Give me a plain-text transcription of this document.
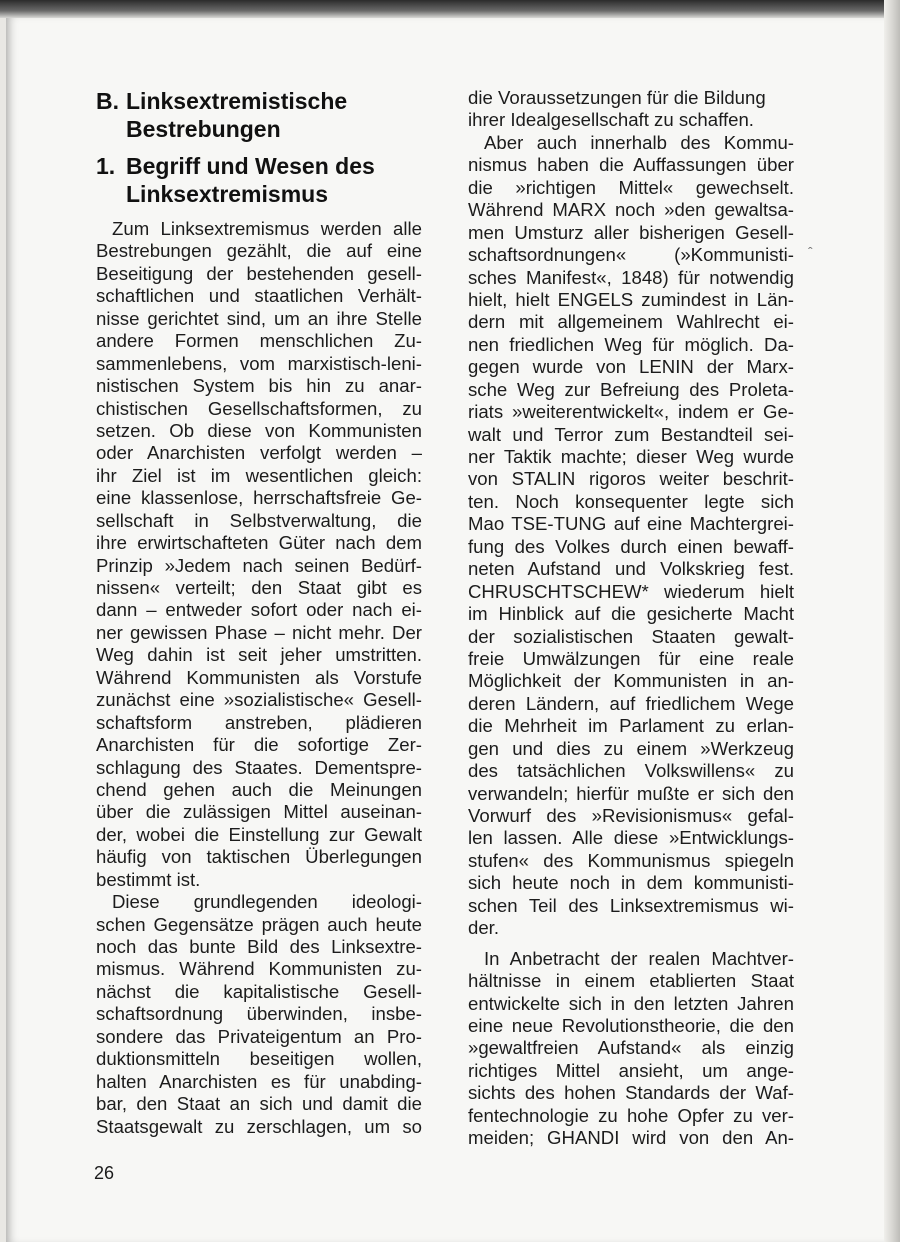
B. Linksextremistische
Bestrebungen
1. Begriff und Wesen des
Linksextremismus
Zum Linksextremismus werden alle
Bestrebungen gezählt, die auf eine
Beseitigung der bestehenden gesell-
schaftlichen und staatlichen Verhält-
nisse gerichtet sind, um an ihre Stelle
andere Formen menschlichen Zu-
sammenlebens, vom marxistisch-leni-
nistischen System bis hin zu anar-
chistischen Gesellschaftsformen, zu
setzen. Ob diese von Kommunisten
oder Anarchisten verfolgt werden –
ihr Ziel ist im wesentlichen gleich:
eine klassenlose, herrschaftsfreie Ge-
sellschaft in Selbstverwaltung, die
ihre erwirtschafteten Güter nach dem
Prinzip »Jedem nach seinen Bedürf-
nissen« verteilt; den Staat gibt es
dann – entweder sofort oder nach ei-
ner gewissen Phase – nicht mehr. Der
Weg dahin ist seit jeher umstritten.
Während Kommunisten als Vorstufe
zunächst eine »sozialistische« Gesell-
schaftsform anstreben, plädieren
Anarchisten für die sofortige Zer-
schlagung des Staates. Dementspre-
chend gehen auch die Meinungen
über die zulässigen Mittel auseinan-
der, wobei die Einstellung zur Gewalt
häufig von taktischen Überlegungen
bestimmt ist.
Diese grundlegenden ideologi-
schen Gegensätze prägen auch heute
noch das bunte Bild des Linksextre-
mismus. Während Kommunisten zu-
nächst die kapitalistische Gesell-
schaftsordnung überwinden, insbe-
sondere das Privateigentum an Pro-
duktionsmitteln beseitigen wollen,
halten Anarchisten es für unabding-
bar, den Staat an sich und damit die
Staatsgewalt zu zerschlagen, um so
die Voraussetzungen für die Bildung
ihrer Idealgesellschaft zu schaffen.
Aber auch innerhalb des Kommu-
nismus haben die Auffassungen über
die »richtigen Mittel« gewechselt.
Während MARX noch »den gewaltsa-
men Umsturz aller bisherigen Gesell-
schaftsordnungen« (»Kommunisti-
sches Manifest«, 1848) für notwendig
hielt, hielt ENGELS zumindest in Län-
dern mit allgemeinem Wahlrecht ei-
nen friedlichen Weg für möglich. Da-
gegen wurde von LENIN der Marx-
sche Weg zur Befreiung des Proleta-
riats »weiterentwickelt«, indem er Ge-
walt und Terror zum Bestandteil sei-
ner Taktik machte; dieser Weg wurde
von STALIN rigoros weiter beschrit-
ten. Noch konsequenter legte sich
Mao TSE-TUNG auf eine Machtergrei-
fung des Volkes durch einen bewaff-
neten Aufstand und Volkskrieg fest.
CHRUSCHTSCHEW* wiederum hielt
im Hinblick auf die gesicherte Macht
der sozialistischen Staaten gewalt-
freie Umwälzungen für eine reale
Möglichkeit der Kommunisten in an-
deren Ländern, auf friedlichem Wege
die Mehrheit im Parlament zu erlan-
gen und dies zu einem »Werkzeug
des tatsächlichen Volkswillens« zu
verwandeln; hierfür mußte er sich den
Vorwurf des »Revisionismus« gefal-
len lassen. Alle diese »Entwicklungs-
stufen« des Kommunismus spiegeln
sich heute noch in dem kommunisti-
schen Teil des Linksextremismus wi-
der.
In Anbetracht der realen Machtver-
hältnisse in einem etablierten Staat
entwickelte sich in den letzten Jahren
eine neue Revolutionstheorie, die den
»gewaltfreien Aufstand« als einzig
richtiges Mittel ansieht, um ange-
sichts des hohen Standards der Waf-
fentechnologie zu hohe Opfer zu ver-
meiden; GHANDI wird von den An-
26
ˆ
